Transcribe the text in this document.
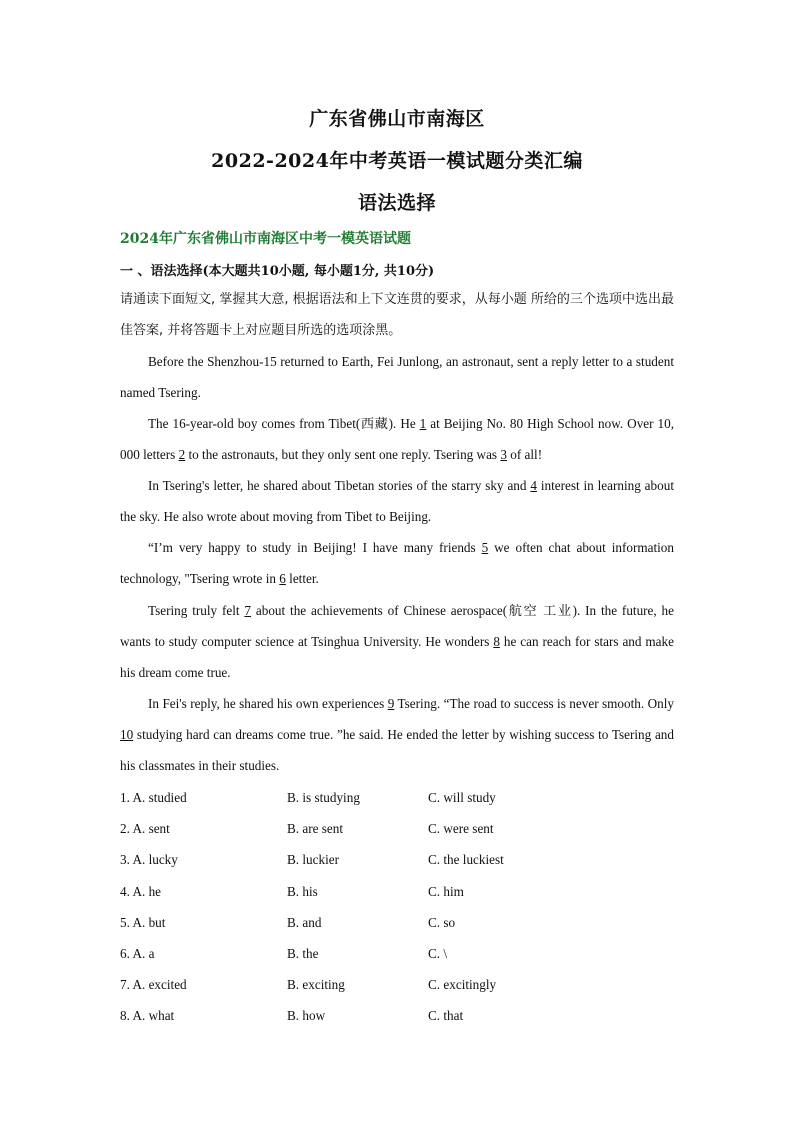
广东省佛山市南海区
2022-2024年中考英语一模试题分类汇编
语法选择
2024年广东省佛山市南海区中考一模英语试题
一 、语法选择(本大题共10小题, 每小题1分, 共10分)
请通读下面短文, 掌握其大意, 根据语法和上下文连贯的要求，从每小题 所给的三个选项中选出最佳答案, 并将答题卡上对应题目所选的选项涂黑。
Before the Shenzhou-15 returned to Earth, Fei Junlong, an astronaut, sent a reply letter to a student named Tsering.
The 16-year-old boy comes from Tibet(西藏). He 1 at Beijing No. 80 High School now. Over 10, 000 letters 2 to the astronauts, but they only sent one reply. Tsering was 3 of all!
In Tsering's letter, he shared about Tibetan stories of the starry sky and 4 interest in learning about the sky. He also wrote about moving from Tibet to Beijing.
“I’m very happy to study in Beijing! I have many friends 5 we often chat about information technology, "Tsering wrote in 6 letter.
Tsering truly felt 7 about the achievements of Chinese aerospace(航空 工业). In the future, he wants to study computer science at Tsinghua University. He wonders 8 he can reach for stars and make his dream come true.
In Fei's reply, he shared his own experiences 9 Tsering. “The road to success is never smooth. Only 10 studying hard can dreams come true. ”he said. He ended the letter by wishing success to Tsering and his classmates in their studies.
1. A. studied	B. is studying	C. will study
2. A. sent	B. are sent	C. were sent
3. A. lucky	B. luckier	C. the luckiest
4. A. he	B. his	C. him
5. A. but	B. and	C. so
6. A. a	B. the	C. \
7. A. excited	B. exciting	C. excitingly
8. A. what	B. how	C. that
